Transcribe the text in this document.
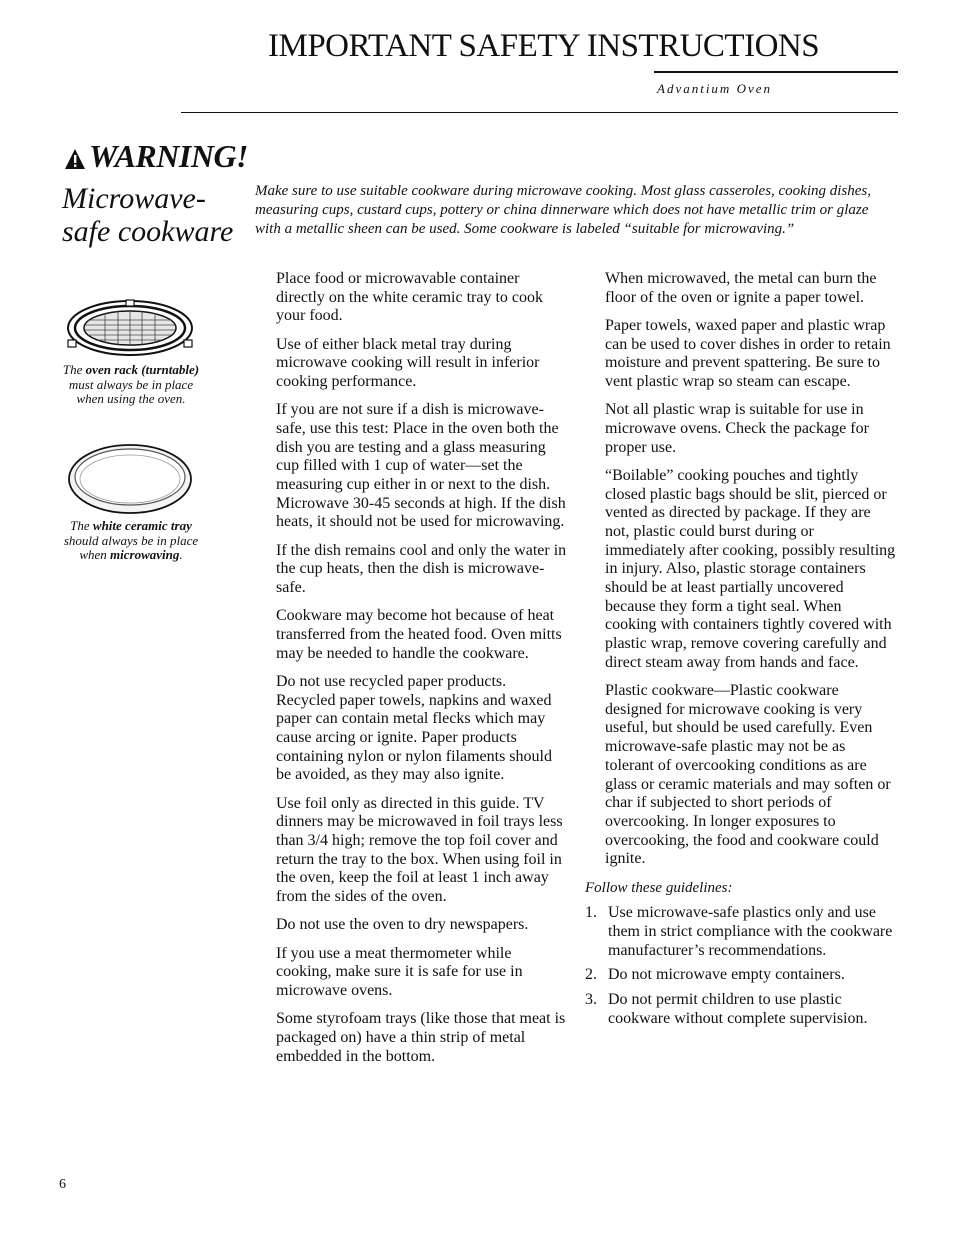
IMPORTANT SAFETY INSTRUCTIONS
Advantium Oven
WARNING!
Microwave-safe cookware

Make sure to use suitable cookware during microwave cooking. Most glass casseroles, cooking dishes, measuring cups, custard cups, pottery or china dinnerware which does not have metallic trim or glaze with a metallic sheen can be used. Some cookware is labeled “suitable for microwaving.”

The oven rack (turntable) must always be in place when using the oven.
The white ceramic tray should always be in place when microwaving.

Place food or microwavable container directly on the white ceramic tray to cook your food.

Use of either black metal tray during microwave cooking will result in inferior cooking performance.

If you are not sure if a dish is microwave-safe, use this test: Place in the oven both the dish you are testing and a glass measuring cup filled with 1 cup of water—set the measuring cup either in or next to the dish. Microwave 30-45 seconds at high. If the dish heats, it should not be used for microwaving.

If the dish remains cool and only the water in the cup heats, then the dish is microwave-safe.

Cookware may become hot because of heat transferred from the heated food. Oven mitts may be needed to handle the cookware.

Do not use recycled paper products. Recycled paper towels, napkins and waxed paper can contain metal flecks which may cause arcing or ignite. Paper products containing nylon or nylon filaments should be avoided, as they may also ignite.

Use foil only as directed in this guide. TV dinners may be microwaved in foil trays less than 3/4 high; remove the top foil cover and return the tray to the box. When using foil in the oven, keep the foil at least 1 inch away from the sides of the oven.

Do not use the oven to dry newspapers.

If you use a meat thermometer while cooking, make sure it is safe for use in microwave ovens.

Some styrofoam trays (like those that meat is packaged on) have a thin strip of metal embedded in the bottom.

When microwaved, the metal can burn the floor of the oven or ignite a paper towel.

Paper towels, waxed paper and plastic wrap can be used to cover dishes in order to retain moisture and prevent spattering. Be sure to vent plastic wrap so steam can escape.

Not all plastic wrap is suitable for use in microwave ovens. Check the package for proper use.

“Boilable” cooking pouches and tightly closed plastic bags should be slit, pierced or vented as directed by package. If they are not, plastic could burst during or immediately after cooking, possibly resulting in injury. Also, plastic storage containers should be at least partially uncovered because they form a tight seal. When cooking with containers tightly covered with plastic wrap, remove covering carefully and direct steam away from hands and face.

Plastic cookware—Plastic cookware designed for microwave cooking is very useful, but should be used carefully. Even microwave-safe plastic may not be as tolerant of overcooking conditions as are glass or ceramic materials and may soften or char if subjected to short periods of overcooking. In longer exposures to overcooking, the food and cookware could ignite.

Follow these guidelines:

1. Use microwave-safe plastics only and use them in strict compliance with the cookware manufacturer’s recommendations.
2. Do not microwave empty containers.
3. Do not permit children to use plastic cookware without complete supervision.
6
